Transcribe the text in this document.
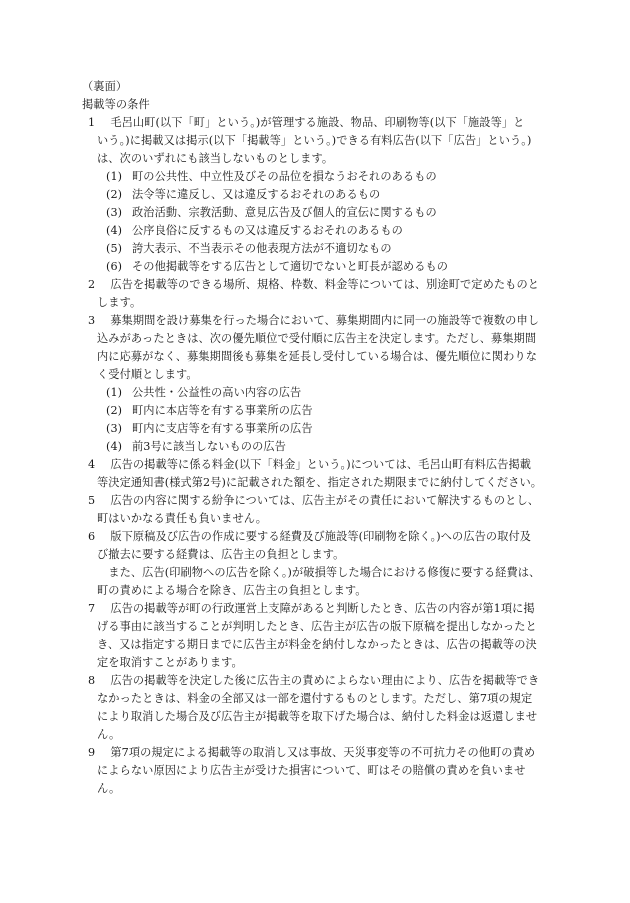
（裏面）
掲載等の条件
1 毛呂山町(以下「町」という。)が管理する施設、物品、印刷物等(以下「施設等」と
いう。)に掲載又は掲示(以下「掲載等」という。)できる有料広告(以下「広告」という。)
は、次のいずれにも該当しないものとします。
(1) 町の公共性、中立性及びその品位を損なうおそれのあるもの
(2) 法令等に違反し、又は違反するおそれのあるもの
(3) 政治活動、宗教活動、意見広告及び個人的宣伝に関するもの
(4) 公序良俗に反するもの又は違反するおそれのあるもの
(5) 誇大表示、不当表示その他表現方法が不適切なもの
(6) その他掲載等をする広告として適切でないと町長が認めるもの
2 広告を掲載等のできる場所、規格、枠数、料金等については、別途町で定めたものと
します。
3 募集期間を設け募集を行った場合において、募集期間内に同一の施設等で複数の申し
込みがあったときは、次の優先順位で受付順に広告主を決定します。ただし、募集期間
内に応募がなく、募集期間後も募集を延長し受付している場合は、優先順位に関わりな
く受付順とします。
(1) 公共性・公益性の高い内容の広告
(2) 町内に本店等を有する事業所の広告
(3) 町内に支店等を有する事業所の広告
(4) 前3号に該当しないものの広告
4 広告の掲載等に係る料金(以下「料金」という。)については、毛呂山町有料広告掲載
等決定通知書(様式第2号)に記載された額を、指定された期限までに納付してください。
5 広告の内容に関する紛争については、広告主がその責任において解決するものとし、
町はいかなる責任も負いません。
6 版下原稿及び広告の作成に要する経費及び施設等(印刷物を除く。)への広告の取付及
び撤去に要する経費は、広告主の負担とします。
　また、広告(印刷物への広告を除く。)が破損等した場合における修復に要する経費は、
町の責めによる場合を除き、広告主の負担とします。
7 広告の掲載等が町の行政運営上支障があると判断したとき、広告の内容が第1項に掲
げる事由に該当することが判明したとき、広告主が広告の版下原稿を提出しなかったと
き、又は指定する期日までに広告主が料金を納付しなかったときは、広告の掲載等の決
定を取消すことがあります。
8 広告の掲載等を決定した後に広告主の責めによらない理由により、広告を掲載等でき
なかったときは、料金の全部又は一部を還付するものとします。ただし、第7項の規定
により取消した場合及び広告主が掲載等を取下げた場合は、納付した料金は返還しませ
ん。
9 第7項の規定による掲載等の取消し又は事故、天災事変等の不可抗力その他町の責め
によらない原因により広告主が受けた損害について、町はその賠償の責めを負いませ
ん。
